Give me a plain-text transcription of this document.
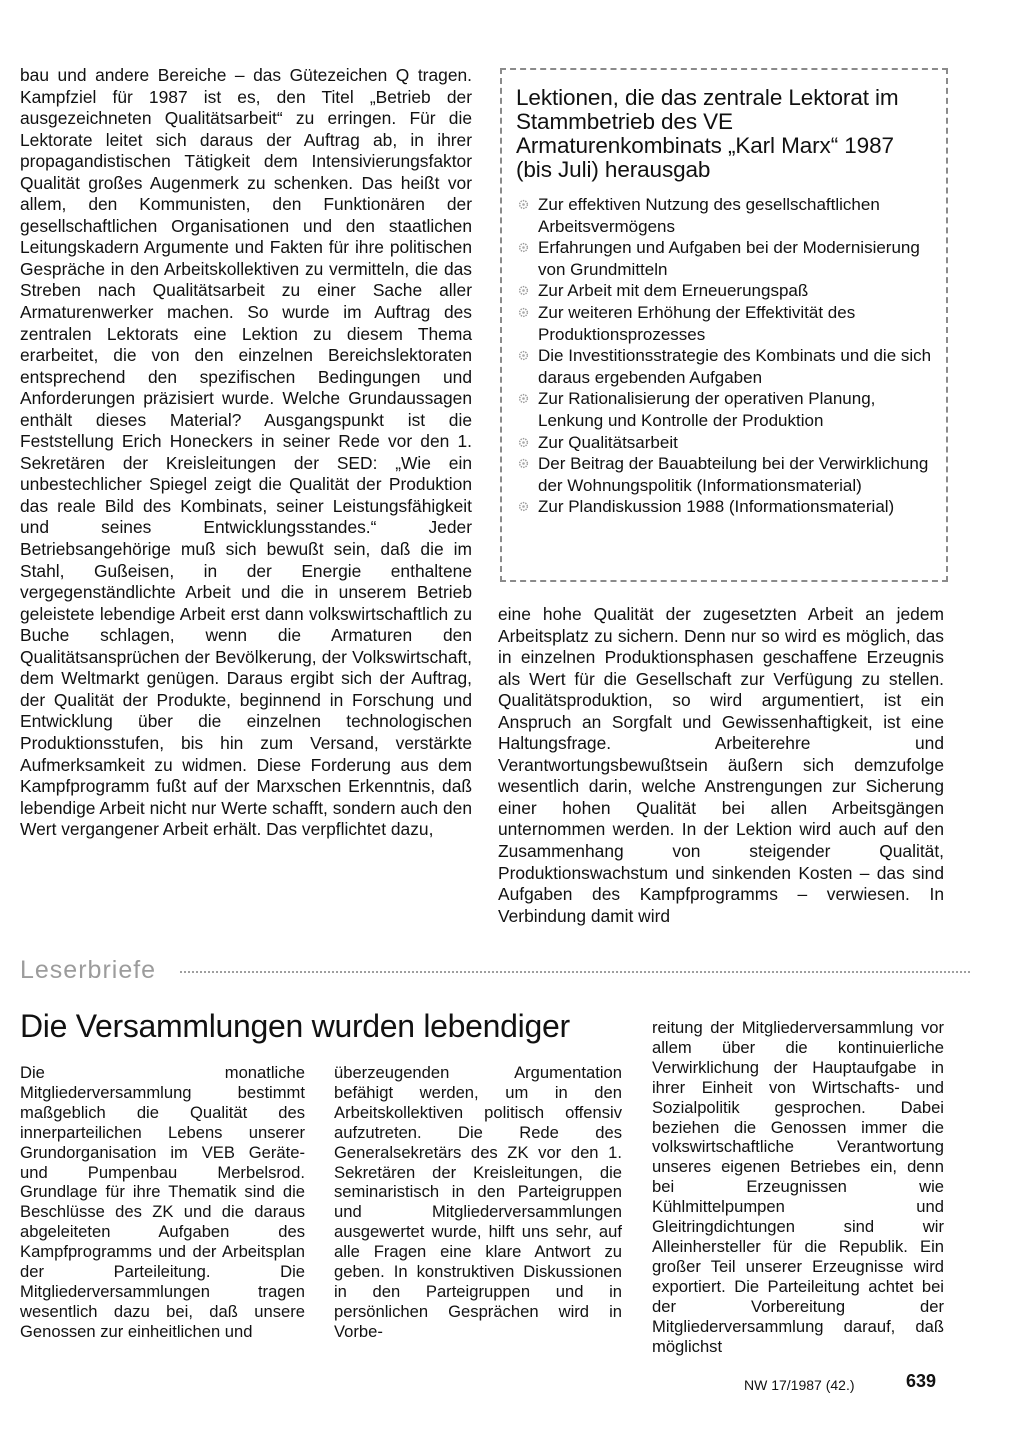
bau und andere Bereiche – das Gütezeichen Q tragen. Kampfziel für 1987 ist es, den Titel „Betrieb der ausgezeichneten Qualitätsarbeit“ zu erringen. Für die Lektorate leitet sich daraus der Auftrag ab, in ihrer propagandistischen Tätigkeit dem Intensivierungsfaktor Qualität großes Augenmerk zu schenken. Das heißt vor allem, den Kommunisten, den Funktionären der gesellschaftlichen Organisationen und den staatlichen Leitungskadern Argumente und Fakten für ihre politischen Gespräche in den Arbeitskollektiven zu vermitteln, die das Streben nach Qualitätsarbeit zu einer Sache aller Armaturenwerker machen. So wurde im Auftrag des zentralen Lektorats eine Lektion zu diesem Thema erarbeitet, die von den einzelnen Bereichslektoraten entsprechend den spezifischen Bedingungen und Anforderungen präzisiert wurde. Welche Grundaussagen enthält dieses Material? Ausgangspunkt ist die Feststellung Erich Honeckers in seiner Rede vor den 1. Sekretären der Kreisleitungen der SED: „Wie ein unbestechlicher Spiegel zeigt die Qualität der Produktion das reale Bild des Kombinats, seiner Leistungsfähigkeit und seines Entwicklungsstandes.“ Jeder Betriebsangehörige muß sich bewußt sein, daß die im Stahl, Gußeisen, in der Energie enthaltene vergegenständlichte Arbeit und die in unserem Betrieb geleistete lebendige Arbeit erst dann volkswirtschaftlich zu Buche schlagen, wenn die Armaturen den Qualitätsansprüchen der Bevölkerung, der Volkswirtschaft, dem Weltmarkt genügen. Daraus ergibt sich der Auftrag, der Qualität der Produkte, beginnend in Forschung und Entwicklung über die einzelnen technologischen Produktionsstufen, bis hin zum Versand, verstärkte Aufmerksamkeit zu widmen. Diese Forderung aus dem Kampfprogramm fußt auf der Marxschen Erkenntnis, daß lebendige Arbeit nicht nur Werte schafft, sondern auch den Wert vergangener Arbeit erhält. Das verpflichtet dazu,

Lektionen, die das zentrale Lektorat im Stammbetrieb des VE Armaturenkombinats „Karl Marx“ 1987 (bis Juli) herausgab
Zur effektiven Nutzung des gesellschaftlichen Arbeitsvermögens
Erfahrungen und Aufgaben bei der Modernisierung von Grundmitteln
Zur Arbeit mit dem Erneuerungspaß
Zur weiteren Erhöhung der Effektivität des Produktionsprozesses
Die Investitionsstrategie des Kombinats und die sich daraus ergebenden Aufgaben
Zur Rationalisierung der operativen Planung, Lenkung und Kontrolle der Produktion
Zur Qualitätsarbeit
Der Beitrag der Bauabteilung bei der Verwirklichung der Wohnungspolitik (Informationsmaterial)
Zur Plandiskussion 1988 (Informationsmaterial)

eine hohe Qualität der zugesetzten Arbeit an jedem Arbeitsplatz zu sichern. Denn nur so wird es möglich, das in einzelnen Produktionsphasen geschaffene Erzeugnis als Wert für die Gesellschaft zur Verfügung zu stellen. Qualitätsproduktion, so wird argumentiert, ist ein Anspruch an Sorgfalt und Gewissenhaftigkeit, ist eine Haltungsfrage. Arbeiterehre und Verantwortungsbewußtsein äußern sich demzufolge wesentlich darin, welche Anstrengungen zur Sicherung einer hohen Qualität bei allen Arbeitsgängen unternommen werden. In der Lektion wird auch auf den Zusammenhang von steigender Qualität, Produktionswachstum und sinkenden Kosten – das sind Aufgaben des Kampfprogramms – verwiesen. In Verbindung damit wird

Leserbriefe
Die Versammlungen wurden lebendiger

Die monatliche Mitgliederversammlung bestimmt maßgeblich die Qualität des innerparteilichen Lebens unserer Grundorganisation im VEB Geräte- und Pumpenbau Merbelsrod. Grundlage für ihre Thematik sind die Beschlüsse des ZK und die daraus abgeleiteten Aufgaben des Kampfprogramms und der Arbeitsplan der Parteileitung. Die Mitgliederversammlungen tragen wesentlich dazu bei, daß unsere Genossen zur einheitlichen und

überzeugenden Argumentation befähigt werden, um in den Arbeitskollektiven politisch offensiv aufzutreten. Die Rede des Generalsekretärs des ZK vor den 1. Sekretären der Kreisleitungen, die seminaristisch in den Parteigruppen und Mitgliederversammlungen ausgewertet wurde, hilft uns sehr, auf alle Fragen eine klare Antwort zu geben. In konstruktiven Diskussionen in den Parteigruppen und in persönlichen Gesprächen wird in Vorbe-

reitung der Mitgliederversammlung vor allem über die kontinuierliche Verwirklichung der Hauptaufgabe in ihrer Einheit von Wirtschafts- und Sozialpolitik gesprochen. Dabei beziehen die Genossen immer die volkswirtschaftliche Verantwortung unseres eigenen Betriebes ein, denn bei Erzeugnissen wie Kühlmittelpumpen und Gleitringdichtungen sind wir Alleinhersteller für die Republik. Ein großer Teil unserer Erzeugnisse wird exportiert. Die Parteileitung achtet bei der Vorbereitung der Mitgliederversammlung darauf, daß möglichst

NW 17/1987 (42.)	639
